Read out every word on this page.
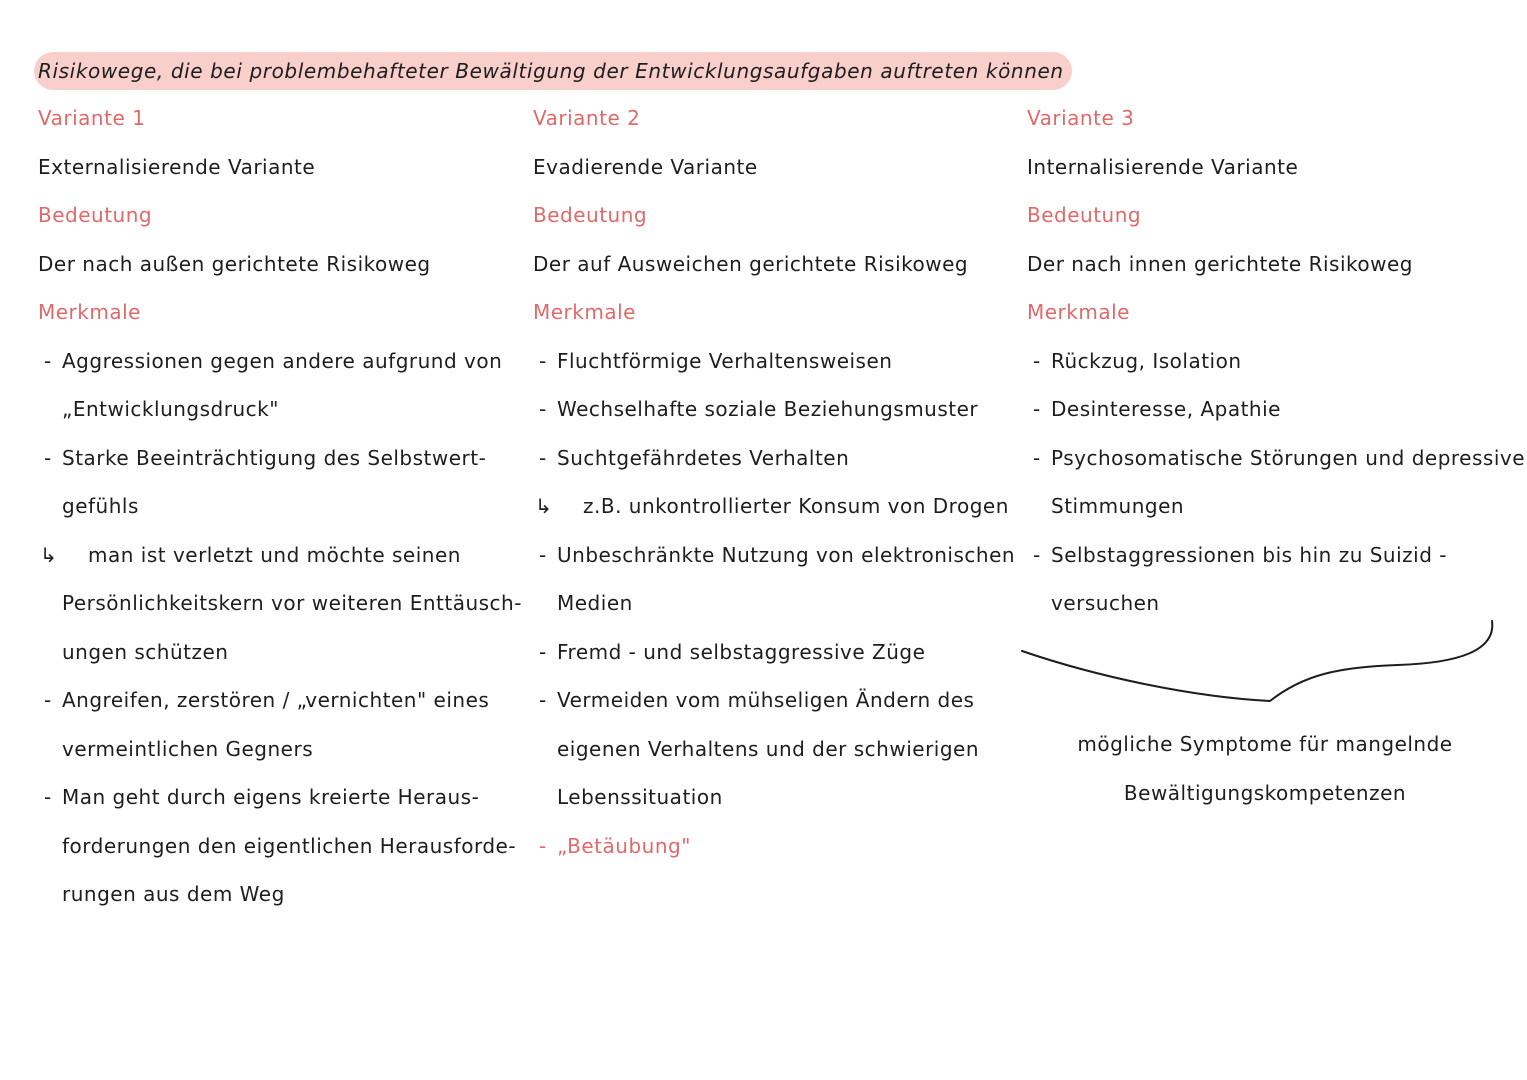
Risikowege, die bei problembehafteter Bewältigung der Entwicklungsaufgaben auftreten können
Variante 1
Externalisierende Variante
Bedeutung
Der nach außen gerichtete Risikoweg
Merkmale
- Aggressionen gegen andere aufgrund von
„Entwicklungsdruck"
- Starke Beeinträchtigung des Selbstwert-
gefühls
↳ man ist verletzt und möchte seinen
Persönlichkeitskern vor weiteren Enttäusch-
ungen schützen
- Angreifen, zerstören / „vernichten" eines
vermeintlichen Gegners
- Man geht durch eigens kreierte Heraus-
forderungen den eigentlichen Herausforde-
rungen aus dem Weg
Variante 2
Evadierende Variante
Bedeutung
Der auf Ausweichen gerichtete Risikoweg
Merkmale
- Fluchtförmige Verhaltensweisen
- Wechselhafte soziale Beziehungsmuster
- Suchtgefährdetes Verhalten
↳ z.B. unkontrollierter Konsum von Drogen
- Unbeschränkte Nutzung von elektronischen
Medien
- Fremd - und selbstaggressive Züge
- Vermeiden vom mühseligen Ändern des
eigenen Verhaltens und der schwierigen
Lebenssituation
- „Betäubung"
Variante 3
Internalisierende Variante
Bedeutung
Der nach innen gerichtete Risikoweg
Merkmale
- Rückzug, Isolation
- Desinteresse, Apathie
- Psychosomatische Störungen und depressive
Stimmungen
- Selbstaggressionen bis hin zu Suizid -
versuchen
mögliche Symptome für mangelnde
Bewältigungskompetenzen
